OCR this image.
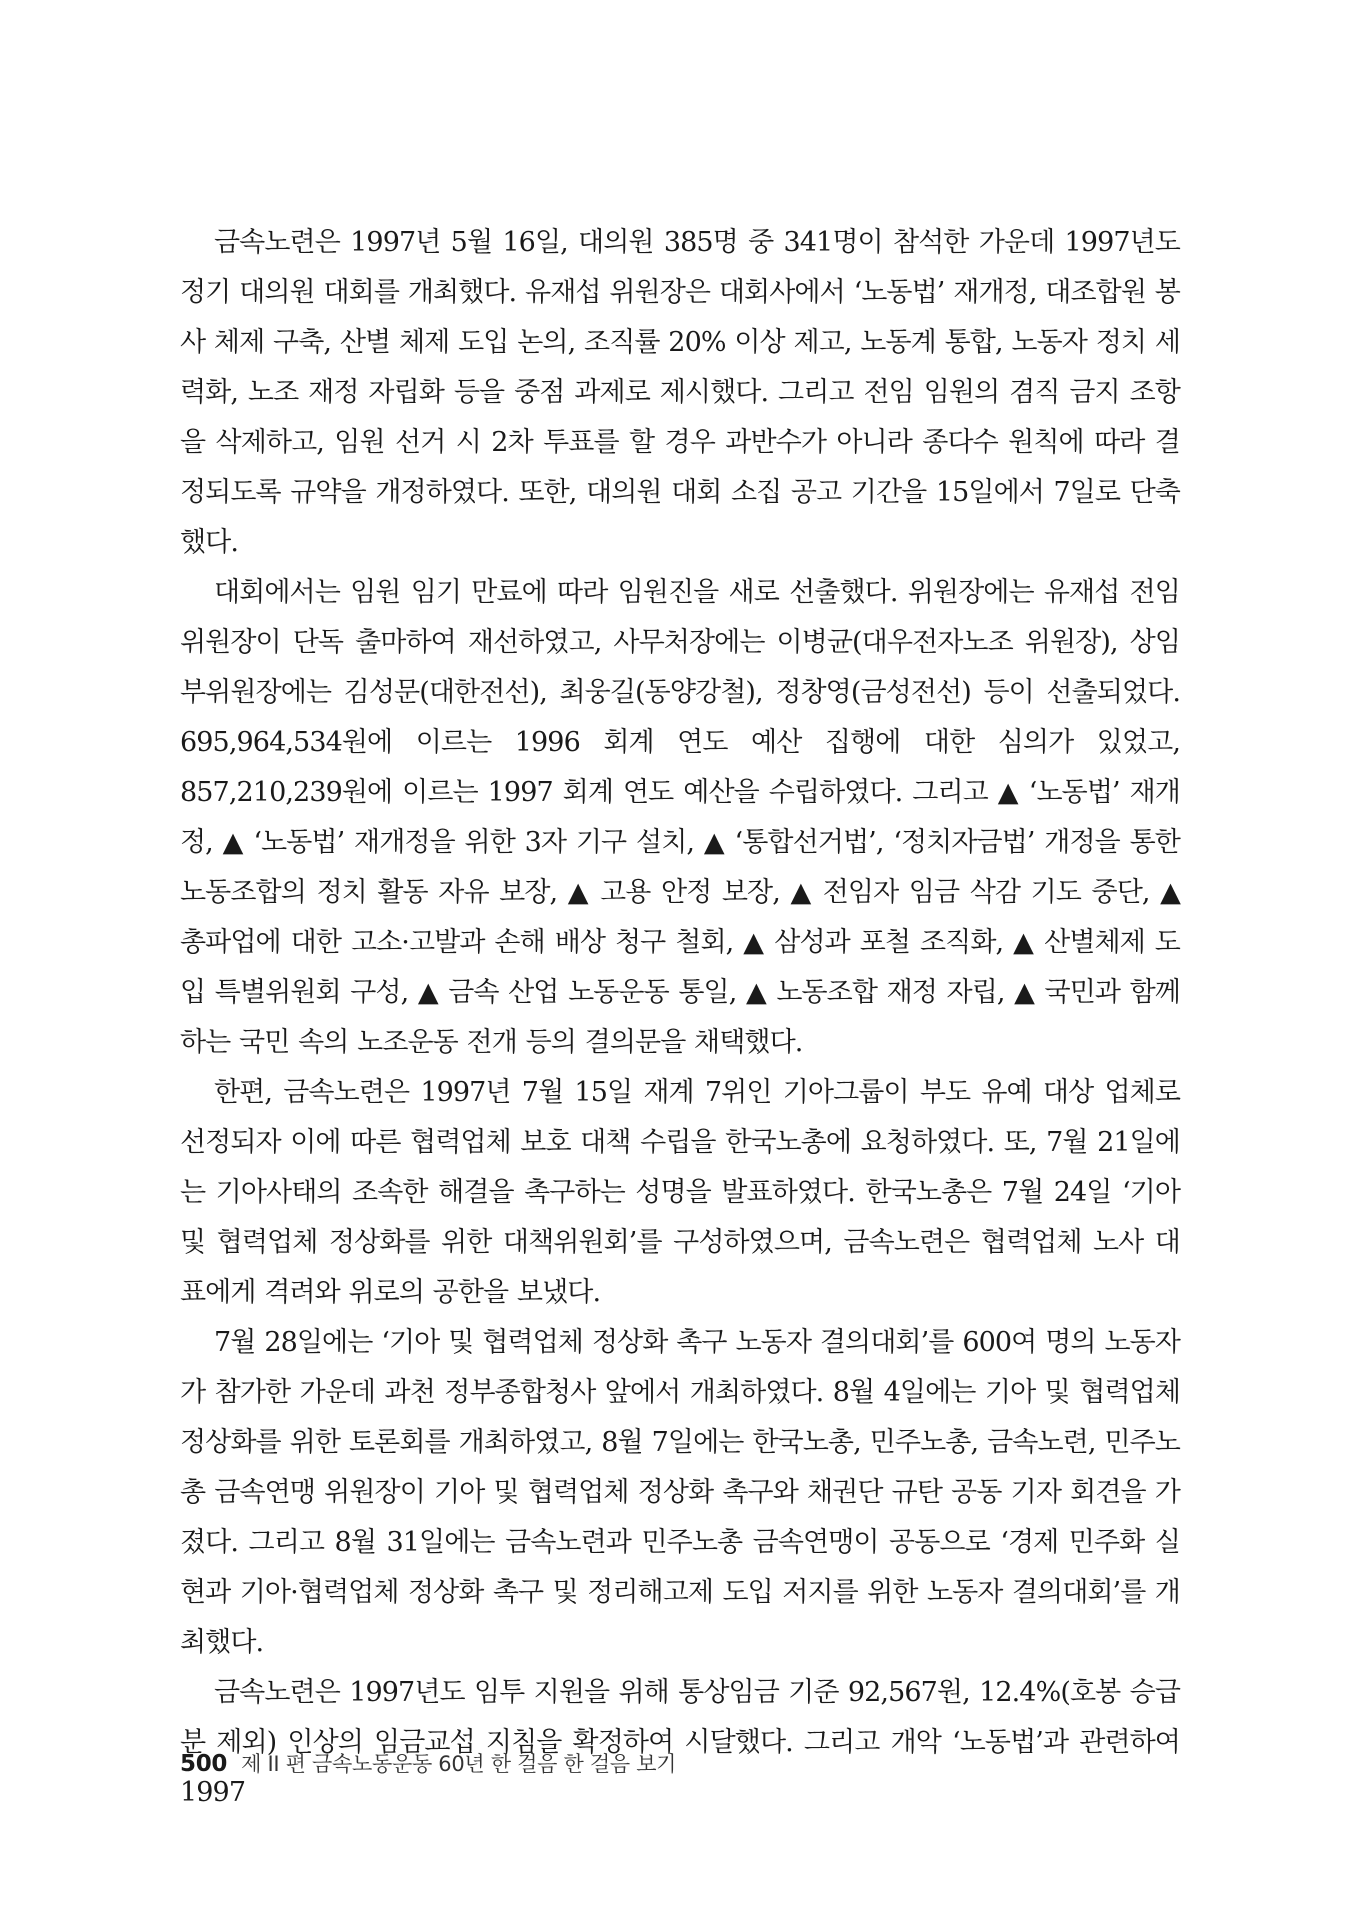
금속노련은 1997년 5월 16일, 대의원 385명 중 341명이 참석한 가운데 1997년도 정기 대의원 대회를 개최했다. 유재섭 위원장은 대회사에서 ‘노동법’ 재개정, 대조합원 봉사 체제 구축, 산별 체제 도입 논의, 조직률 20% 이상 제고, 노동계 통합, 노동자 정치 세력화, 노조 재정 자립화 등을 중점 과제로 제시했다. 그리고 전임 임원의 겸직 금지 조항을 삭제하고, 임원 선거 시 2차 투표를 할 경우 과반수가 아니라 종다수 원칙에 따라 결정되도록 규약을 개정하였다. 또한, 대의원 대회 소집 공고 기간을 15일에서 7일로 단축했다.

대회에서는 임원 임기 만료에 따라 임원진을 새로 선출했다. 위원장에는 유재섭 전임 위원장이 단독 출마하여 재선하였고, 사무처장에는 이병균(대우전자노조 위원장), 상임 부위원장에는 김성문(대한전선), 최웅길(동양강철), 정창영(금성전선) 등이 선출되었다. 695,964,534원에 이르는 1996 회계 연도 예산 집행에 대한 심의가 있었고, 857,210,239원에 이르는 1997 회계 연도 예산을 수립하였다. 그리고 ▲ ‘노동법’ 재개정, ▲ ‘노동법’ 재개정을 위한 3자 기구 설치, ▲ ‘통합선거법’, ‘정치자금법’ 개정을 통한 노동조합의 정치 활동 자유 보장, ▲ 고용 안정 보장, ▲ 전임자 임금 삭감 기도 중단, ▲ 총파업에 대한 고소·고발과 손해 배상 청구 철회, ▲ 삼성과 포철 조직화, ▲ 산별체제 도입 특별위원회 구성, ▲ 금속 산업 노동운동 통일, ▲ 노동조합 재정 자립, ▲ 국민과 함께 하는 국민 속의 노조운동 전개 등의 결의문을 채택했다.

한편, 금속노련은 1997년 7월 15일 재계 7위인 기아그룹이 부도 유예 대상 업체로 선정되자 이에 따른 협력업체 보호 대책 수립을 한국노총에 요청하였다. 또, 7월 21일에는 기아사태의 조속한 해결을 촉구하는 성명을 발표하였다. 한국노총은 7월 24일 ‘기아 및 협력업체 정상화를 위한 대책위원회’를 구성하였으며, 금속노련은 협력업체 노사 대표에게 격려와 위로의 공한을 보냈다.

7월 28일에는 ‘기아 및 협력업체 정상화 촉구 노동자 결의대회’를 600여 명의 노동자가 참가한 가운데 과천 정부종합청사 앞에서 개최하였다. 8월 4일에는 기아 및 협력업체 정상화를 위한 토론회를 개최하였고, 8월 7일에는 한국노총, 민주노총, 금속노련, 민주노총 금속연맹 위원장이 기아 및 협력업체 정상화 촉구와 채권단 규탄 공동 기자 회견을 가졌다. 그리고 8월 31일에는 금속노련과 민주노총 금속연맹이 공동으로 ‘경제 민주화 실현과 기아·협력업체 정상화 촉구 및 정리해고제 도입 저지를 위한 노동자 결의대회’를 개최했다.

금속노련은 1997년도 임투 지원을 위해 통상임금 기준 92,567원, 12.4%(호봉 승급분 제외) 인상의 임금교섭 지침을 확정하여 시달했다. 그리고 개악 ‘노동법’과 관련하여 1997

500 제 II 편 금속노동운동 60년 한 걸음 한 걸음 보기
